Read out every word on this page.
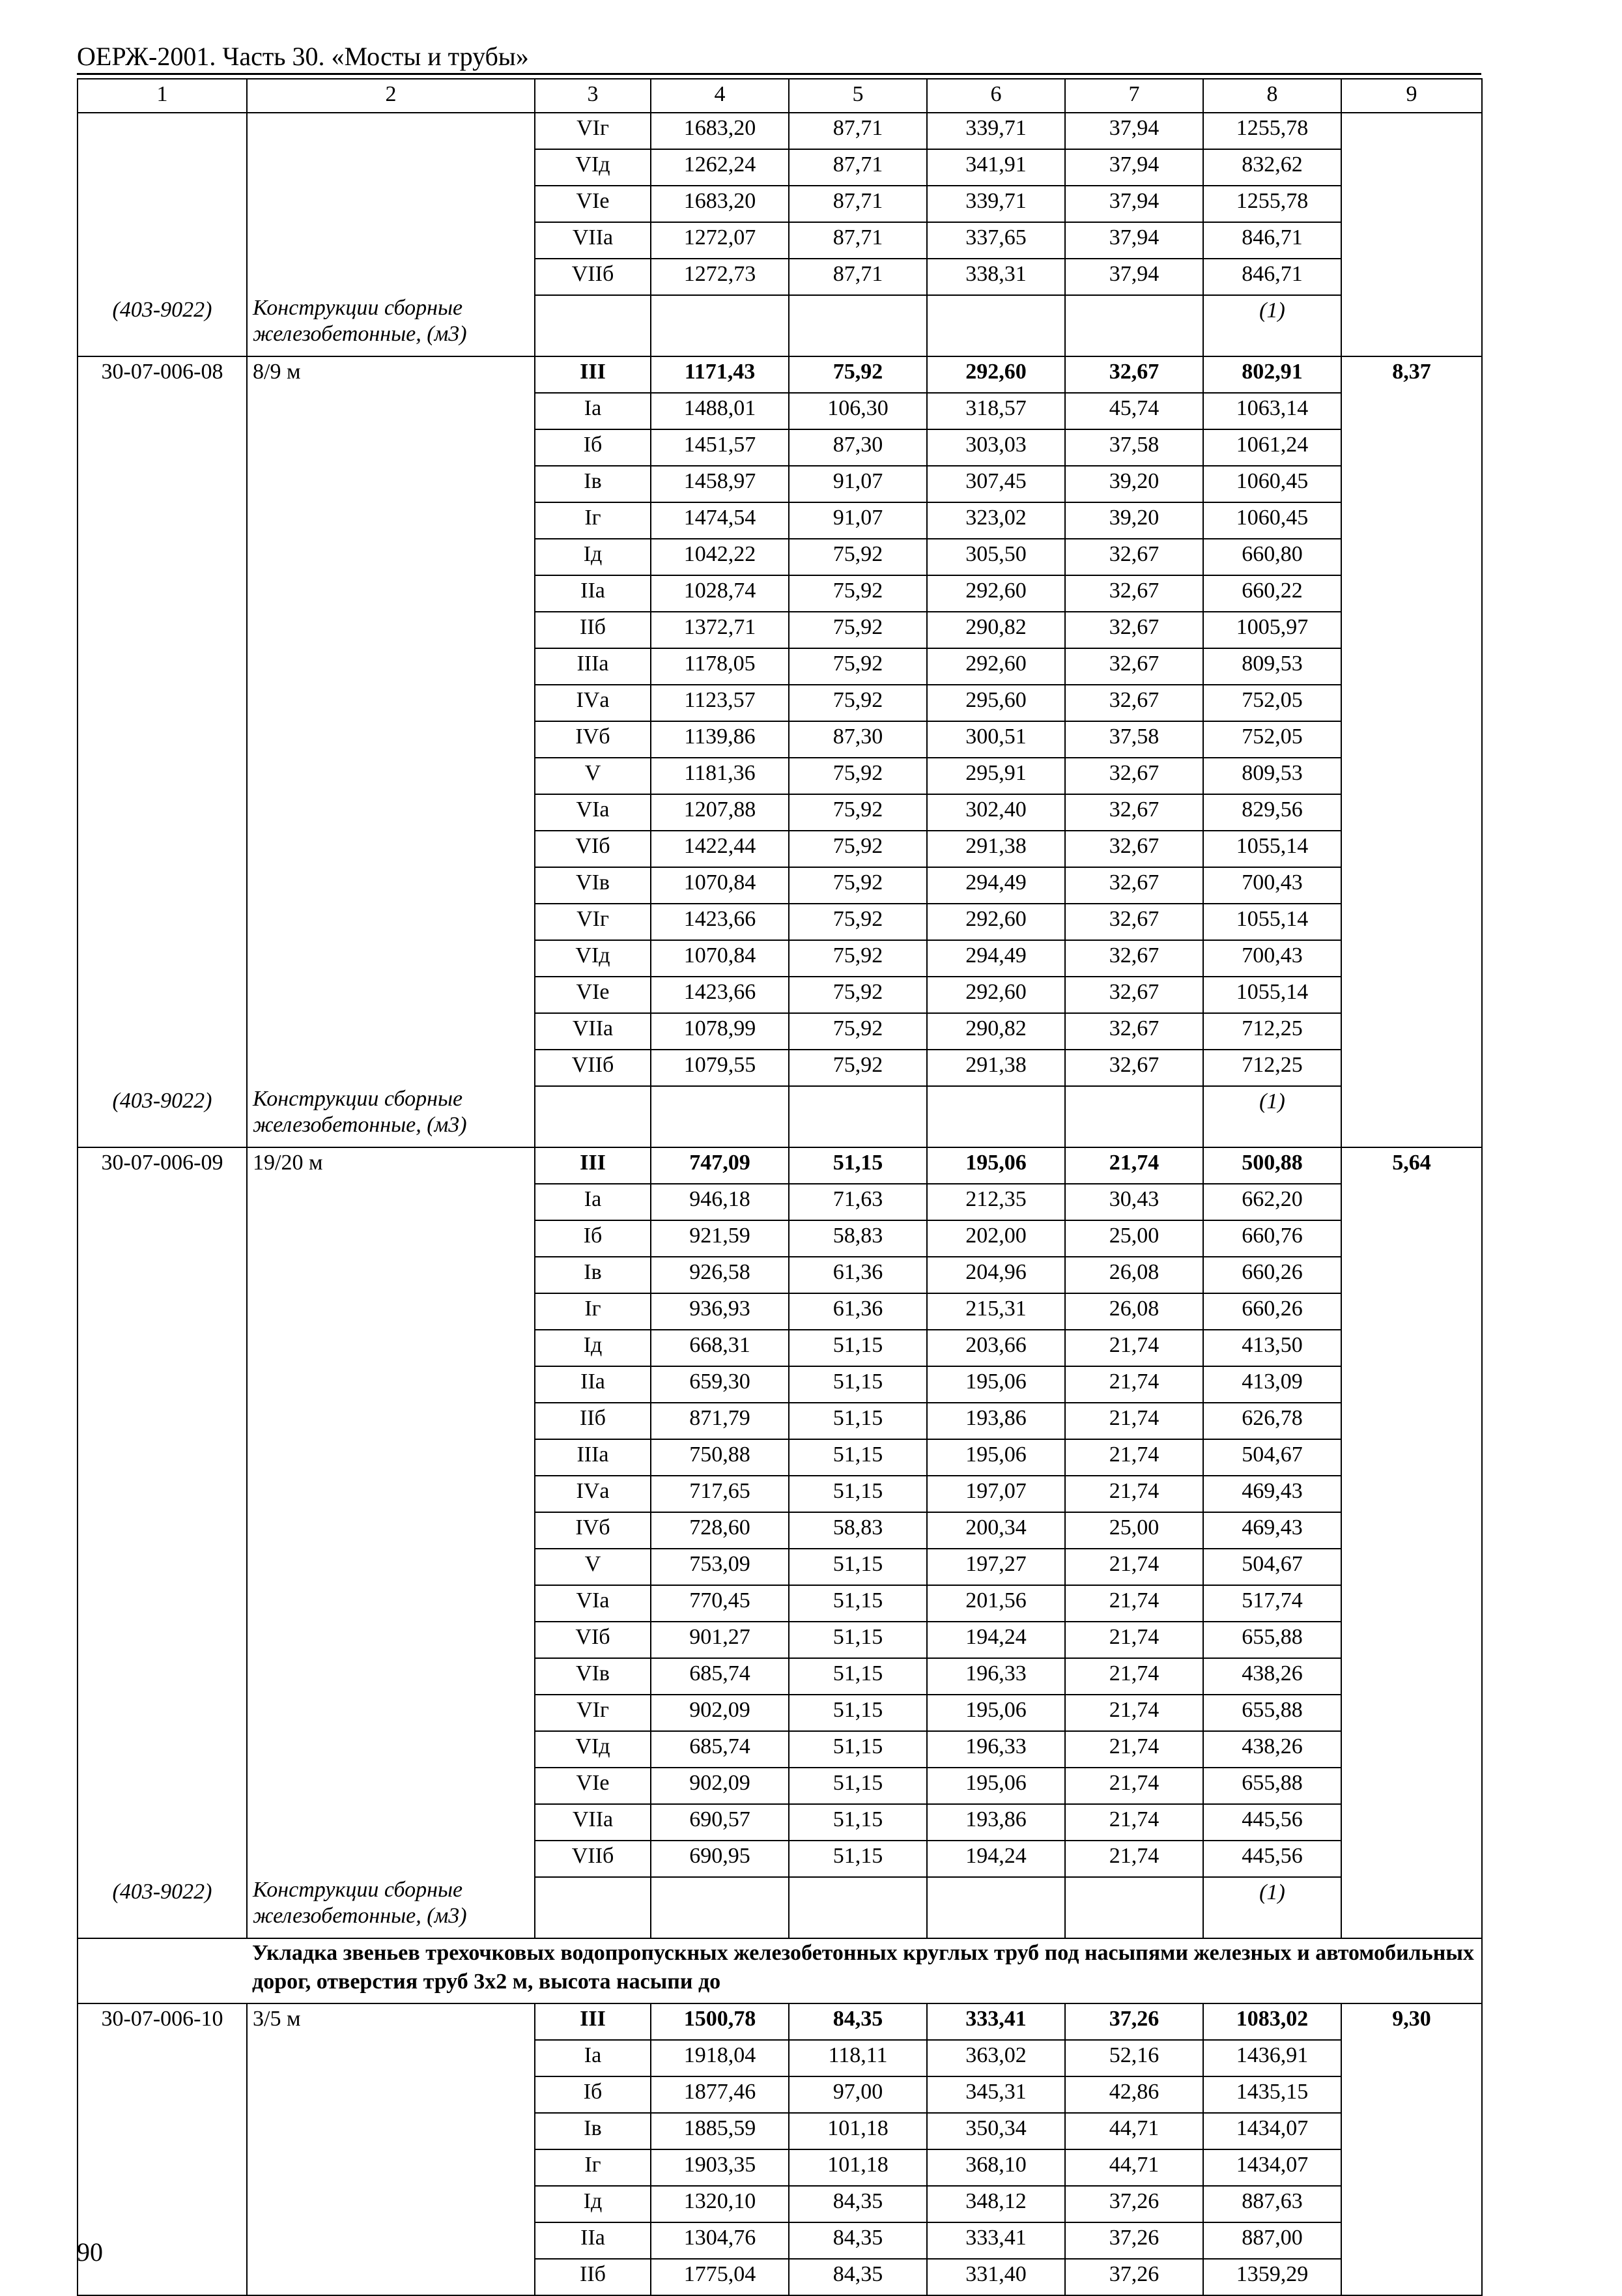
ОЕРЖ-2001. Часть 30. «Мосты и трубы»
1	2	3	4	5	6	7	8	9
		VIг	1683,20	87,71	339,71	37,94	1255,78	
		VIд	1262,24	87,71	341,91	37,94	832,62	
		VIе	1683,20	87,71	339,71	37,94	1255,78	
		VIIа	1272,07	87,71	337,65	37,94	846,71	
		VIIб	1272,73	87,71	338,31	37,94	846,71	
(403-9022)	Конструкции сборные железобетонные, (м3)						(1)	
30-07-006-08	8/9 м	III	1171,43	75,92	292,60	32,67	802,91	8,37
		Iа	1488,01	106,30	318,57	45,74	1063,14	
		Iб	1451,57	87,30	303,03	37,58	1061,24	
		Iв	1458,97	91,07	307,45	39,20	1060,45	
		Iг	1474,54	91,07	323,02	39,20	1060,45	
		Iд	1042,22	75,92	305,50	32,67	660,80	
		IIа	1028,74	75,92	292,60	32,67	660,22	
		IIб	1372,71	75,92	290,82	32,67	1005,97	
		IIIа	1178,05	75,92	292,60	32,67	809,53	
		IVа	1123,57	75,92	295,60	32,67	752,05	
		IVб	1139,86	87,30	300,51	37,58	752,05	
		V	1181,36	75,92	295,91	32,67	809,53	
		VIа	1207,88	75,92	302,40	32,67	829,56	
		VIб	1422,44	75,92	291,38	32,67	1055,14	
		VIв	1070,84	75,92	294,49	32,67	700,43	
		VIг	1423,66	75,92	292,60	32,67	1055,14	
		VIд	1070,84	75,92	294,49	32,67	700,43	
		VIе	1423,66	75,92	292,60	32,67	1055,14	
		VIIа	1078,99	75,92	290,82	32,67	712,25	
		VIIб	1079,55	75,92	291,38	32,67	712,25	
(403-9022)	Конструкции сборные железобетонные, (м3)						(1)	
30-07-006-09	19/20 м	III	747,09	51,15	195,06	21,74	500,88	5,64
		Iа	946,18	71,63	212,35	30,43	662,20	
		Iб	921,59	58,83	202,00	25,00	660,76	
		Iв	926,58	61,36	204,96	26,08	660,26	
		Iг	936,93	61,36	215,31	26,08	660,26	
		Iд	668,31	51,15	203,66	21,74	413,50	
		IIа	659,30	51,15	195,06	21,74	413,09	
		IIб	871,79	51,15	193,86	21,74	626,78	
		IIIа	750,88	51,15	195,06	21,74	504,67	
		IVа	717,65	51,15	197,07	21,74	469,43	
		IVб	728,60	58,83	200,34	25,00	469,43	
		V	753,09	51,15	197,27	21,74	504,67	
		VIа	770,45	51,15	201,56	21,74	517,74	
		VIб	901,27	51,15	194,24	21,74	655,88	
		VIв	685,74	51,15	196,33	21,74	438,26	
		VIг	902,09	51,15	195,06	21,74	655,88	
		VIд	685,74	51,15	196,33	21,74	438,26	
		VIе	902,09	51,15	195,06	21,74	655,88	
		VIIа	690,57	51,15	193,86	21,74	445,56	
		VIIб	690,95	51,15	194,24	21,74	445,56	
(403-9022)	Конструкции сборные железобетонные, (м3)						(1)	
	Укладка звеньев трехочковых водопропускных железобетонных круглых труб под насыпями железных и автомобильных дорог, отверстия труб 3х2 м, высота насыпи до							
30-07-006-10	3/5 м	III	1500,78	84,35	333,41	37,26	1083,02	9,30
		Iа	1918,04	118,11	363,02	52,16	1436,91	
		Iб	1877,46	97,00	345,31	42,86	1435,15	
		Iв	1885,59	101,18	350,34	44,71	1434,07	
		Iг	1903,35	101,18	368,10	44,71	1434,07	
		Iд	1320,10	84,35	348,12	37,26	887,63	
		IIа	1304,76	84,35	333,41	37,26	887,00	
		IIб	1775,04	84,35	331,40	37,26	1359,29	
90
